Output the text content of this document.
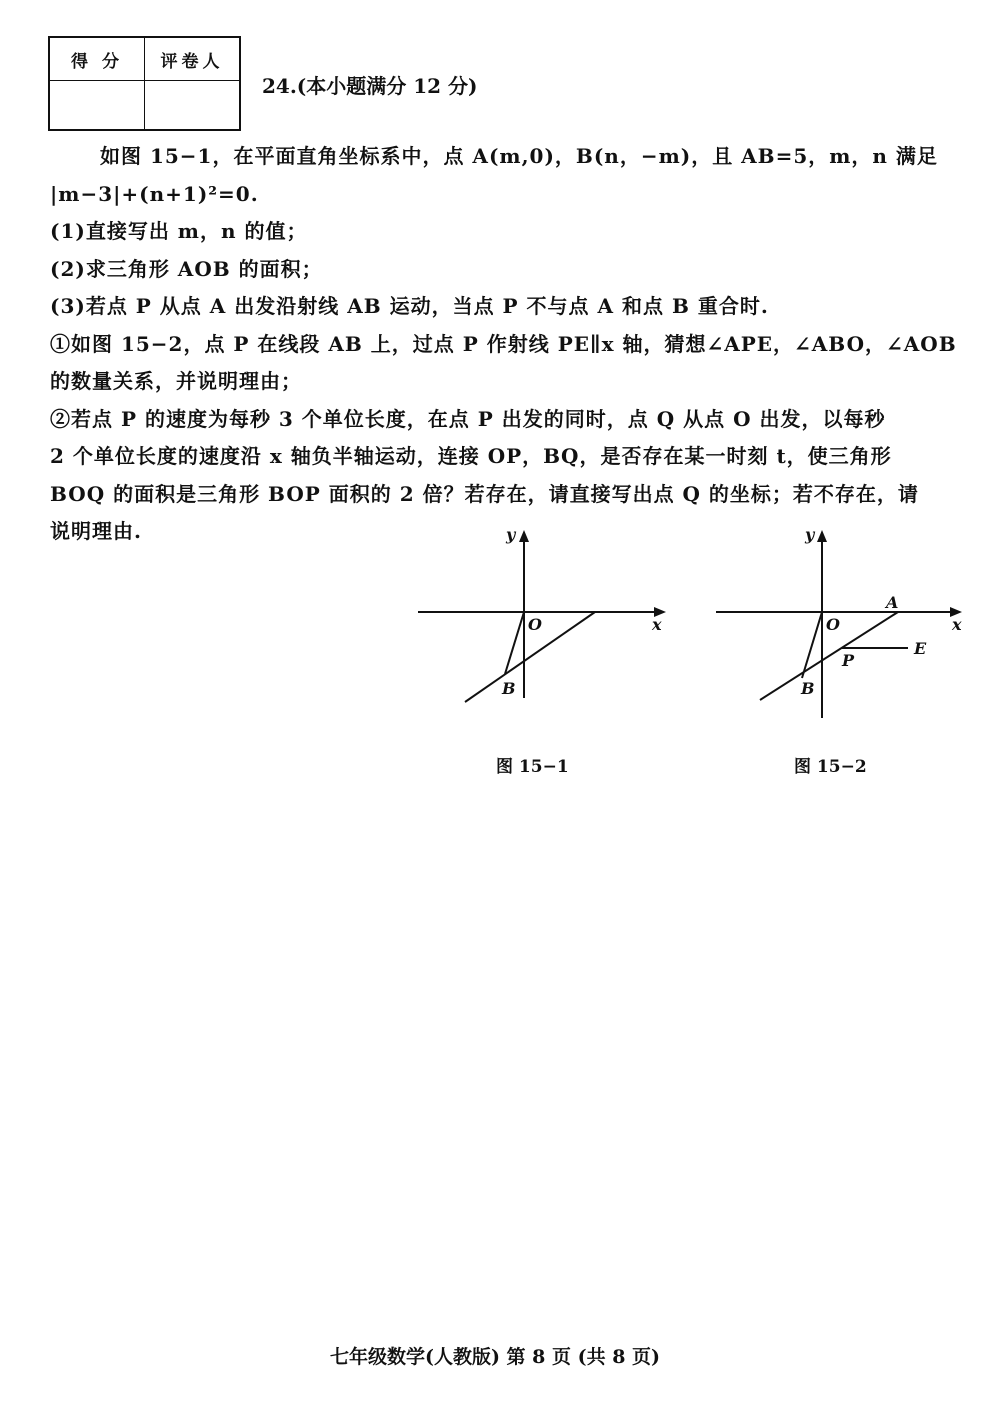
得 分	评卷人

24.(本小题满分 12 分)

如图 15−1，在平面直角坐标系中，点 A(m,0)，B(n，−m)，且 AB=5，m，n 满足

|m−3|+(n+1)²=0.

(1)直接写出 m，n 的值；

(2)求三角形 AOB 的面积；

(3)若点 P 从点 A 出发沿射线 AB 运动，当点 P 不与点 A 和点 B 重合时.

①如图 15−2，点 P 在线段 AB 上，过点 P 作射线 PE∥x 轴，猜想∠APE，∠ABO，∠AOB

的数量关系，并说明理由；

②若点 P 的速度为每秒 3 个单位长度，在点 P 出发的同时，点 Q 从点 O 出发，以每秒

2 个单位长度的速度沿 x 轴负半轴运动，连接 OP，BQ，是否存在某一时刻 t，使三角形

BOQ 的面积是三角形 BOP 面积的 2 倍？若存在，请直接写出点 Q 的坐标；若不存在，请

说明理由.	y
x
O
B
图 15−1
y
x
O
A
P
E
B
图 15−2
七年级数学(人教版) 第 8 页 (共 8 页)
